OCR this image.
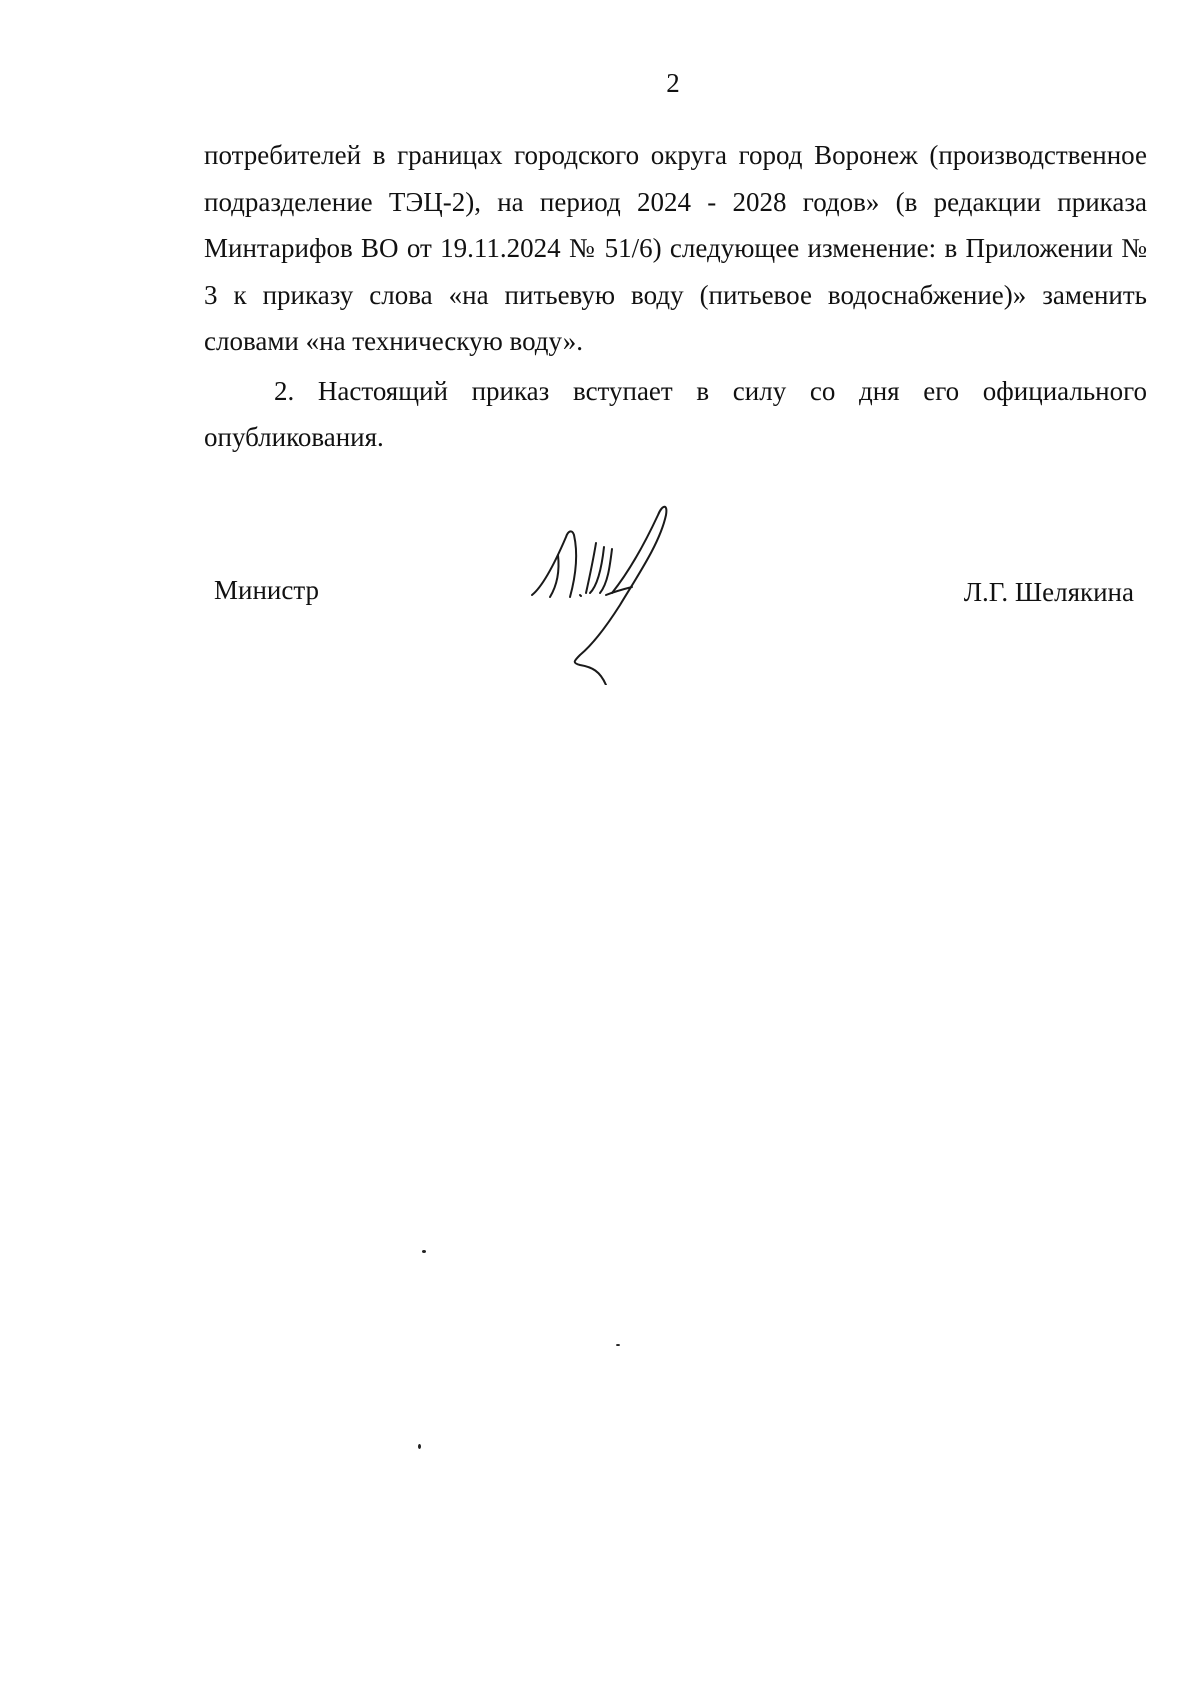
2

потребителей в границах городского округа город Воронеж (производственное подразделение ТЭЦ-2), на период 2024 - 2028 годов» (в редакции приказа Минтарифов ВО от 19.11.2024 № 51/6) следующее изменение: в Приложении № 3 к приказу слова «на питьевую воду (питьевое водоснабжение)» заменить словами «на техническую воду».

2. Настоящий приказ вступает в силу со дня его официального опубликования.

Министр	Л.Г. Шелякина
